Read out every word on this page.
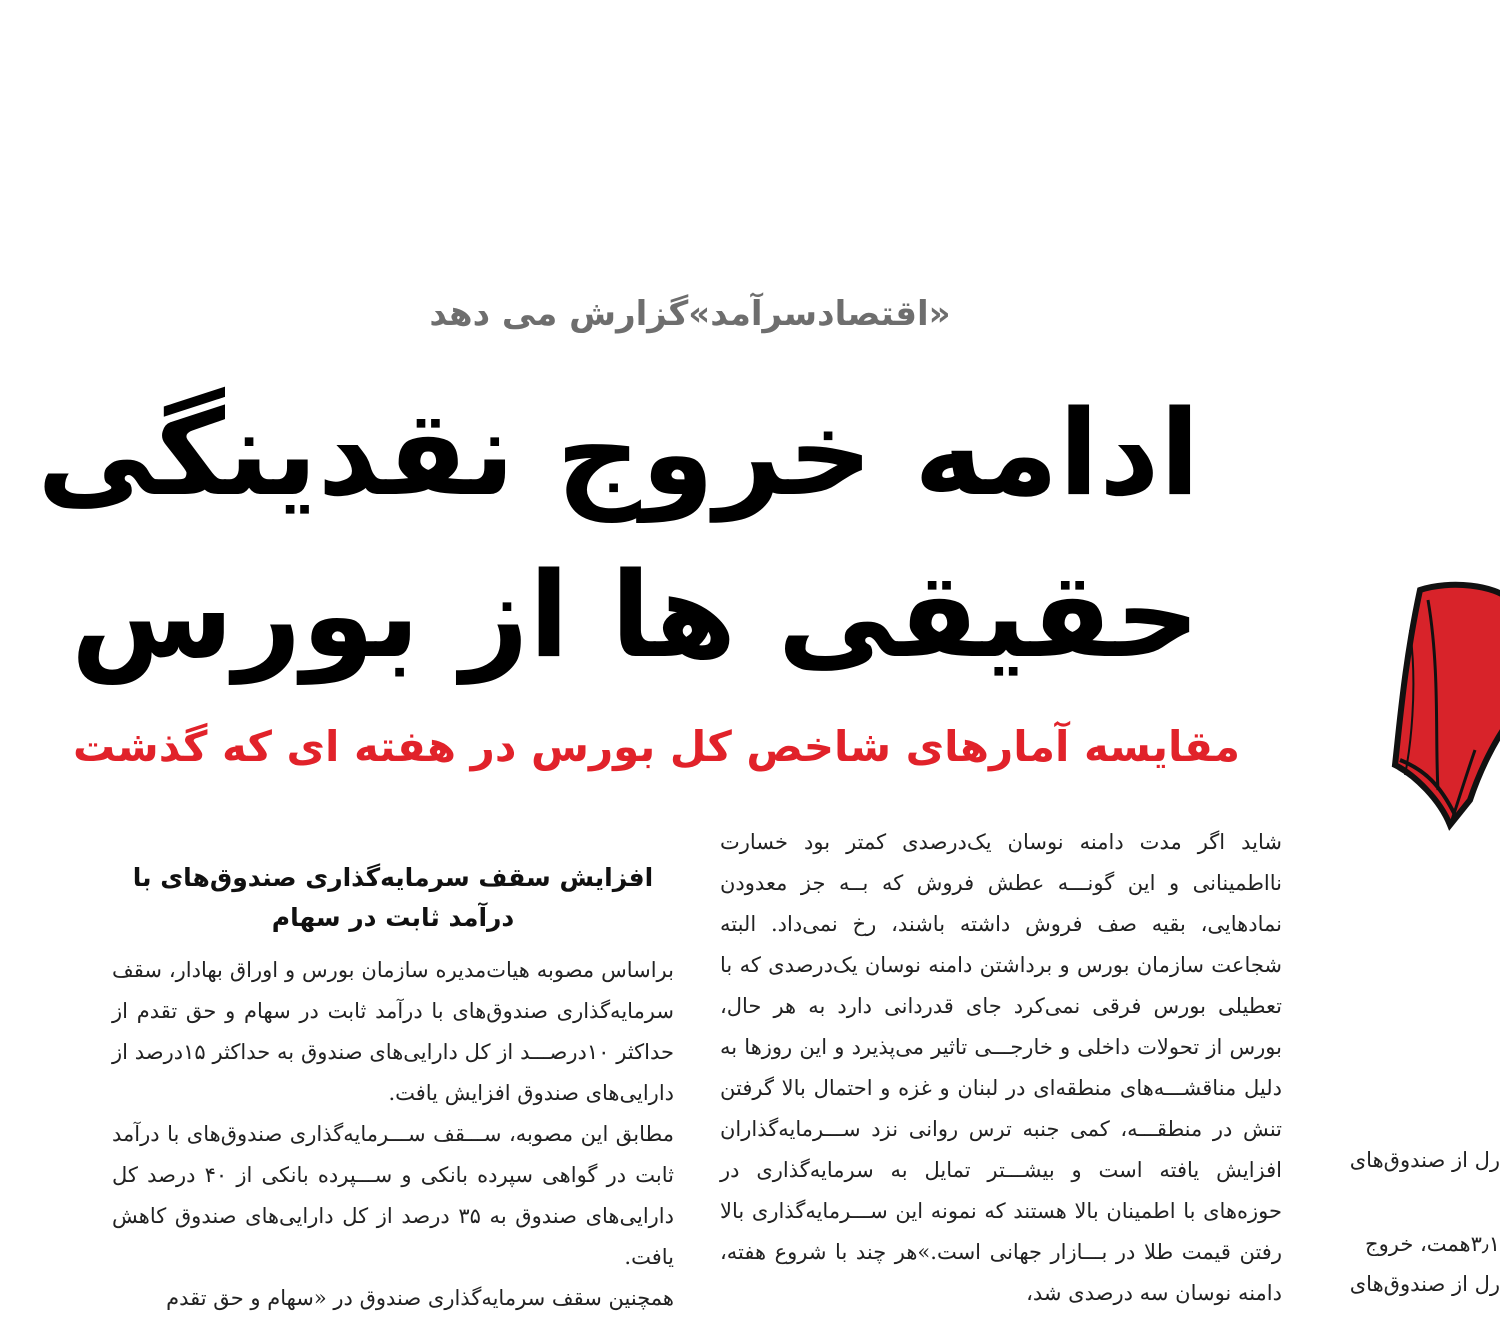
«اقتصادسرآمد»گزارش می دهد
ادامه خروج نقدینگی
حقیقی ها از بورس
مقایسه آمارهای شاخص کل بورس در هفته ای که گذشت

شاید اگر مدت دامنه نوسان یک‌درصدی کمتر بود خسارت نااطمینانی و این گونـــه عطش فروش که بــه جز معدودن نمادهایی، بقیه صف فروش داشته باشند، رخ نمی‌داد. البته شجاعت سازمان بورس و برداشتن دامنه نوسان یک‌درصدی که با تعطیلی بورس فرقی نمی‌کرد جای قدردانی دارد به هر حال، بورس از تحولات داخلی و خارجـــی تاثیر می‌پذیرد و این روزها به دلیل مناقشـــه‌های منطقه‌ای در لبنان و غزه و احتمال بالا گرفتن تنش در منطقـــه، کمی جنبه ترس روانی نزد ســـرمایه‌گذاران افزایش یافته است و بیشـــتر تمایل به سرمایه‌گذاری در حوزه‌های با اطمینان بالا هستند که نمونه این ســـرمایه‌گذاری بالا رفتن قیمت طلا در بـــازار جهانی است.»هر چند با شروع هفته، دامنه نوسان سه درصدی شد،

افزایش سقف سرمایه‌گذاری صندوق‌های با درآمد ثابت در سهام

براساس مصوبه هیات‌مدیره سازمان بورس و اوراق بهادار، سقف سرمایه‌گذاری صندوق‌های با درآمد ثابت در سهام و حق تقدم از حداکثر ۱۰درصـــد از کل دارایی‌های صندوق به حداکثر ۱۵درصد از دارایی‌های صندوق افزایش یافت.

مطابق این مصوبه، ســـقف ســـرمایه‌گذاری صندوق‌های با درآمد ثابت در گواهی سپرده بانکی و ســـپرده بانکی از ۴۰ درصد کل دارایی‌های صندوق به ۳۵ درصد از کل دارایی‌های صندوق کاهش یافت.

همچنین سقف سرمایه‌گذاری صندوق در «سهام و حق تقدم

رل از صندوق‌های
۳٫۱همت، خروج
رل از صندوق‌های
